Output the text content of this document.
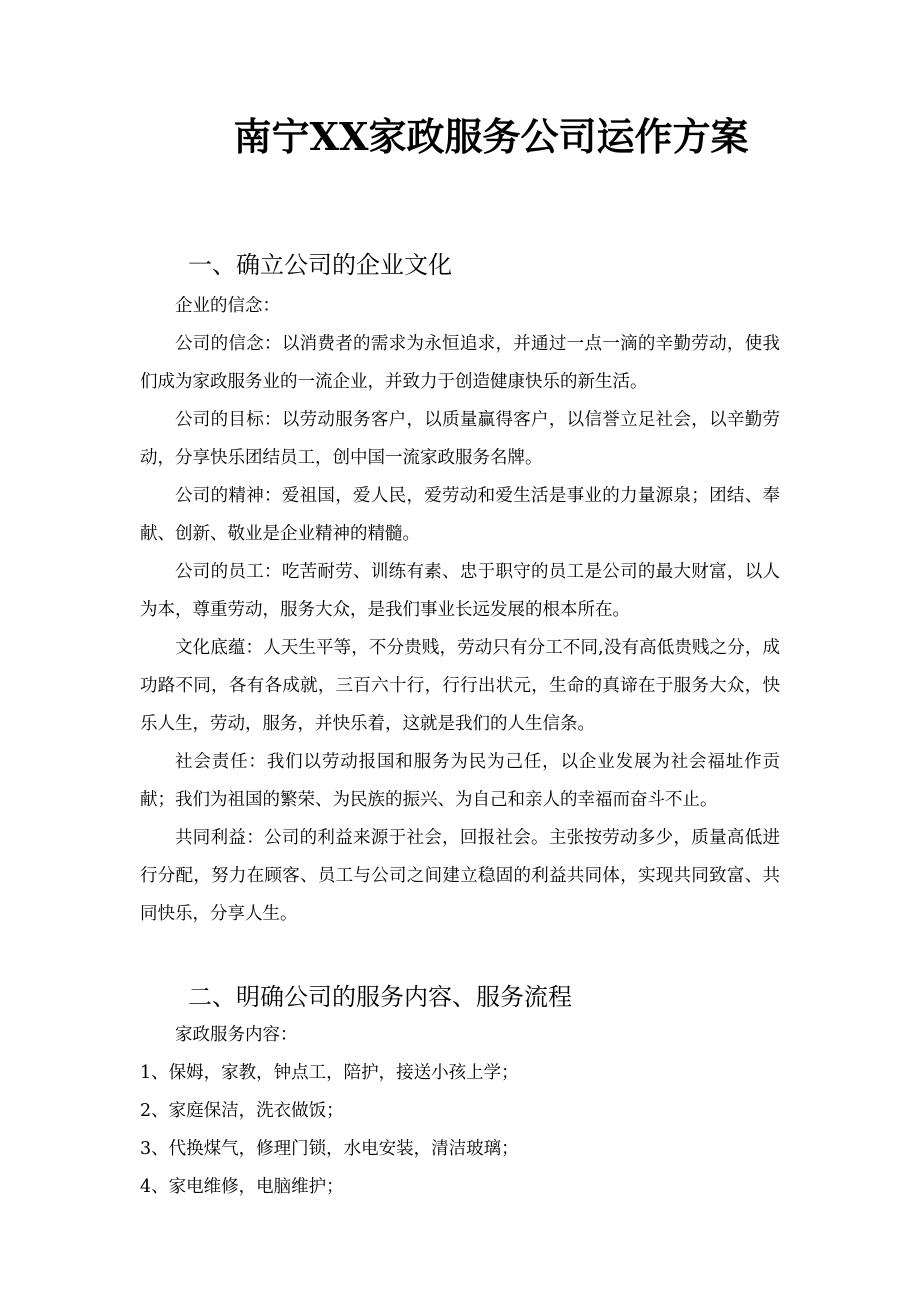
南宁XX家政服务公司运作方案
一、确立公司的企业文化

企业的信念：

公司的信念：以消费者的需求为永恒追求，并通过一点一滴的辛勤劳动，使我们成为家政服务业的一流企业，并致力于创造健康快乐的新生活。

公司的目标：以劳动服务客户，以质量赢得客户，以信誉立足社会，以辛勤劳动，分享快乐团结员工，创中国一流家政服务名牌。

公司的精神：爱祖国，爱人民，爱劳动和爱生活是事业的力量源泉；团结、奉献、创新、敬业是企业精神的精髓。

公司的员工：吃苦耐劳、训练有素、忠于职守的员工是公司的最大财富，以人为本，尊重劳动，服务大众，是我们事业长远发展的根本所在。

文化底蕴：人天生平等，不分贵贱，劳动只有分工不同,没有高低贵贱之分，成功路不同，各有各成就，三百六十行，行行出状元，生命的真谛在于服务大众，快乐人生，劳动，服务，并快乐着，这就是我们的人生信条。

社会责任：我们以劳动报国和服务为民为己任，以企业发展为社会福址作贡献；我们为祖国的繁荣、为民族的振兴、为自己和亲人的幸福而奋斗不止。

共同利益：公司的利益来源于社会，回报社会。主张按劳动多少，质量高低进行分配，努力在顾客、员工与公司之间建立稳固的利益共同体，实现共同致富、共同快乐，分享人生。

二、明确公司的服务内容、服务流程

家政服务内容：

1、保姆，家教，钟点工，陪护，接送小孩上学；

2、家庭保洁，洗衣做饭；

3、代换煤气，修理门锁，水电安装，清洁玻璃；

4、家电维修，电脑维护；
